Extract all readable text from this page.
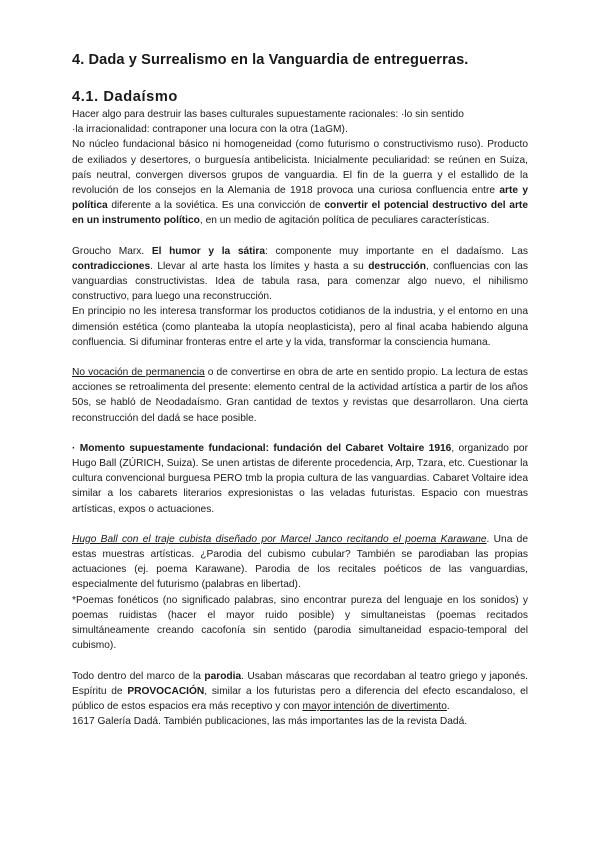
4. Dada y Surrealismo en la Vanguardia de entreguerras.
4.1. Dadaísmo

Hacer algo para destruir las bases culturales supuestamente racionales: ·lo sin sentido

·la irracionalidad: contraponer una locura con la otra (1aGM).

No núcleo fundacional básico ni homogeneidad (como futurismo o constructivismo ruso). Producto de exiliados y desertores, o burguesía antibelicista. Inicialmente peculiaridad: se reúnen en Suiza, país neutral, convergen diversos grupos de vanguardia. El fin de la guerra y el estallido de la revolución de los consejos en la Alemania de 1918 provoca una curiosa confluencia entre arte y política diferente a la soviética. Es una convicción de convertir el potencial destructivo del arte en un instrumento político, en un medio de agitación política de peculiares características.

Groucho Marx. El humor y la sátira: componente muy importante en el dadaísmo. Las contradicciones. Llevar al arte hasta los límites y hasta a su destrucción, confluencias con las vanguardias constructivistas. Idea de tabula rasa, para comenzar algo nuevo, el nihilismo constructivo, para luego una reconstrucción.

En principio no les interesa transformar los productos cotidianos de la industria, y el entorno en una dimensión estética (como planteaba la utopía neoplasticista), pero al final acaba habiendo alguna confluencia. Si difuminar fronteras entre el arte y la vida, transformar la consciencia humana.

No vocación de permanencia o de convertirse en obra de arte en sentido propio. La lectura de estas acciones se retroalimenta del presente: elemento central de la actividad artística a partir de los años 50s, se habló de Neodadaísmo. Gran cantidad de textos y revistas que desarrollaron. Una cierta reconstrucción del dadá se hace posible.

· Momento supuestamente fundacional: fundación del Cabaret Voltaire 1916, organizado por Hugo Ball (ZÚRICH, Suiza). Se unen artistas de diferente procedencia, Arp, Tzara, etc. Cuestionar la cultura convencional burguesa PERO tmb la propia cultura de las vanguardias. Cabaret Voltaire idea similar a los cabarets literarios expresionistas o las veladas futuristas. Espacio con muestras artísticas, expos o actuaciones.

Hugo Ball con el traje cubista diseñado por Marcel Janco recitando el poema Karawane. Una de estas muestras artísticas. ¿Parodia del cubismo cubular? También se parodiaban las propias actuaciones (ej. poema Karawane). Parodia de los recitales poéticos de las vanguardias, especialmente del futurismo (palabras en libertad).

*Poemas fonéticos (no significado palabras, sino encontrar pureza del lenguaje en los sonidos) y poemas ruidistas (hacer el mayor ruido posible) y simultaneistas (poemas recitados simultáneamente creando cacofonía sin sentido (parodia simultaneidad espacio-temporal del cubismo).

Todo dentro del marco de la parodia. Usaban máscaras que recordaban al teatro griego y japonés. Espíritu de PROVOCACIÓN, similar a los futuristas pero a diferencia del efecto escandaloso, el público de estos espacios era más receptivo y con mayor intención de divertimento.

1617 Galería Dadá. También publicaciones, las más importantes las de la revista Dadá.
